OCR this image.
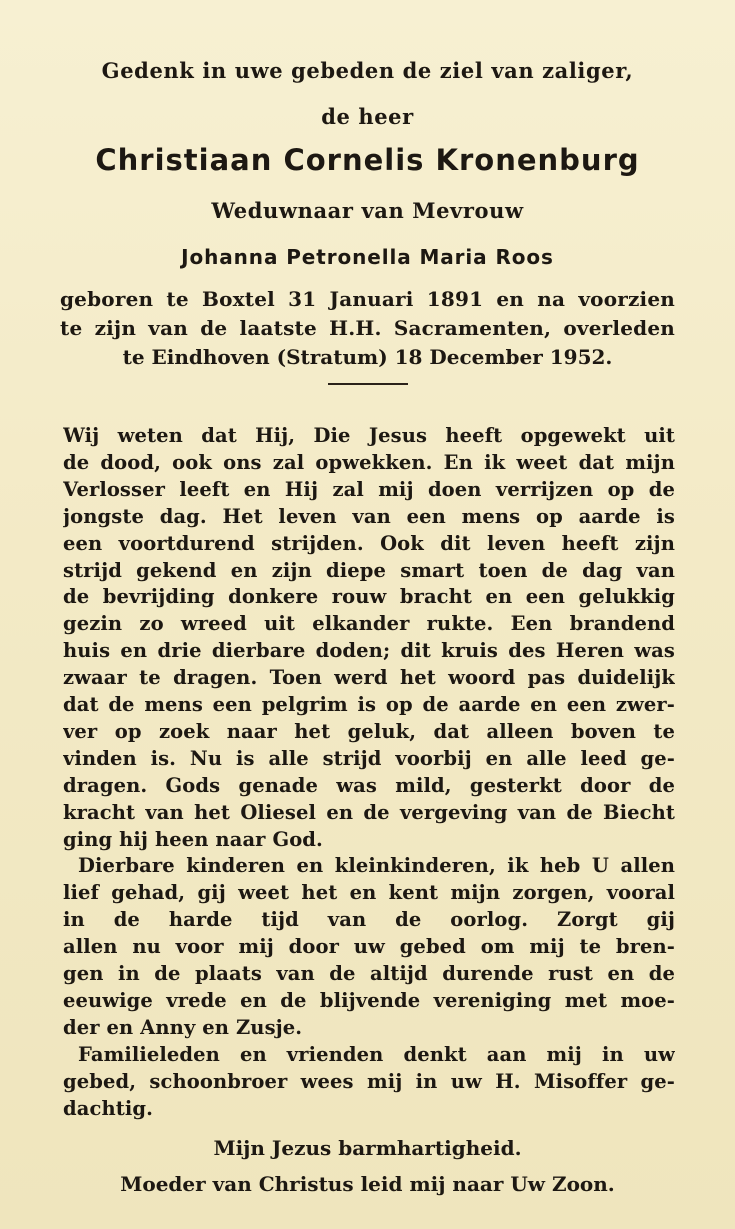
Gedenk in uwe gebeden de ziel van zaliger,

de heer

Christiaan Cornelis Kronenburg

Weduwnaar van Mevrouw

Johanna Petronella Maria Roos

geboren te Boxtel 31 Januari 1891 en na voorzien

te zijn van de laatste H.H. Sacramenten, overleden

te Eindhoven (Stratum) 18 December 1952.

Wij weten dat Hij, Die Jesus heeft opgewekt uit

de dood, ook ons zal opwekken. En ik weet dat mijn

Verlosser leeft en Hij zal mij doen verrijzen op de

jongste dag. Het leven van een mens op aarde is

een voortdurend strijden. Ook dit leven heeft zijn

strijd gekend en zijn diepe smart toen de dag van

de bevrijding donkere rouw bracht en een gelukkig

gezin zo wreed uit elkander rukte. Een brandend

huis en drie dierbare doden; dit kruis des Heren was

zwaar te dragen. Toen werd het woord pas duidelijk

dat de mens een pelgrim is op de aarde en een zwer-

ver op zoek naar het geluk, dat alleen boven te

vinden is. Nu is alle strijd voorbij en alle leed ge-

dragen. Gods genade was mild, gesterkt door de

kracht van het Oliesel en de vergeving van de Biecht

ging hij heen naar God.

Dierbare kinderen en kleinkinderen, ik heb U allen

lief gehad, gij weet het en kent mijn zorgen, vooral

in de harde tijd van de oorlog. Zorgt gij

allen nu voor mij door uw gebed om mij te bren-

gen in de plaats van de altijd durende rust en de

eeuwige vrede en de blijvende vereniging met moe-

der en Anny en Zusje.

Familieleden en vrienden denkt aan mij in uw

gebed, schoonbroer wees mij in uw H. Misoffer ge-

dachtig.

Mijn Jezus barmhartigheid.

Moeder van Christus leid mij naar Uw Zoon.
